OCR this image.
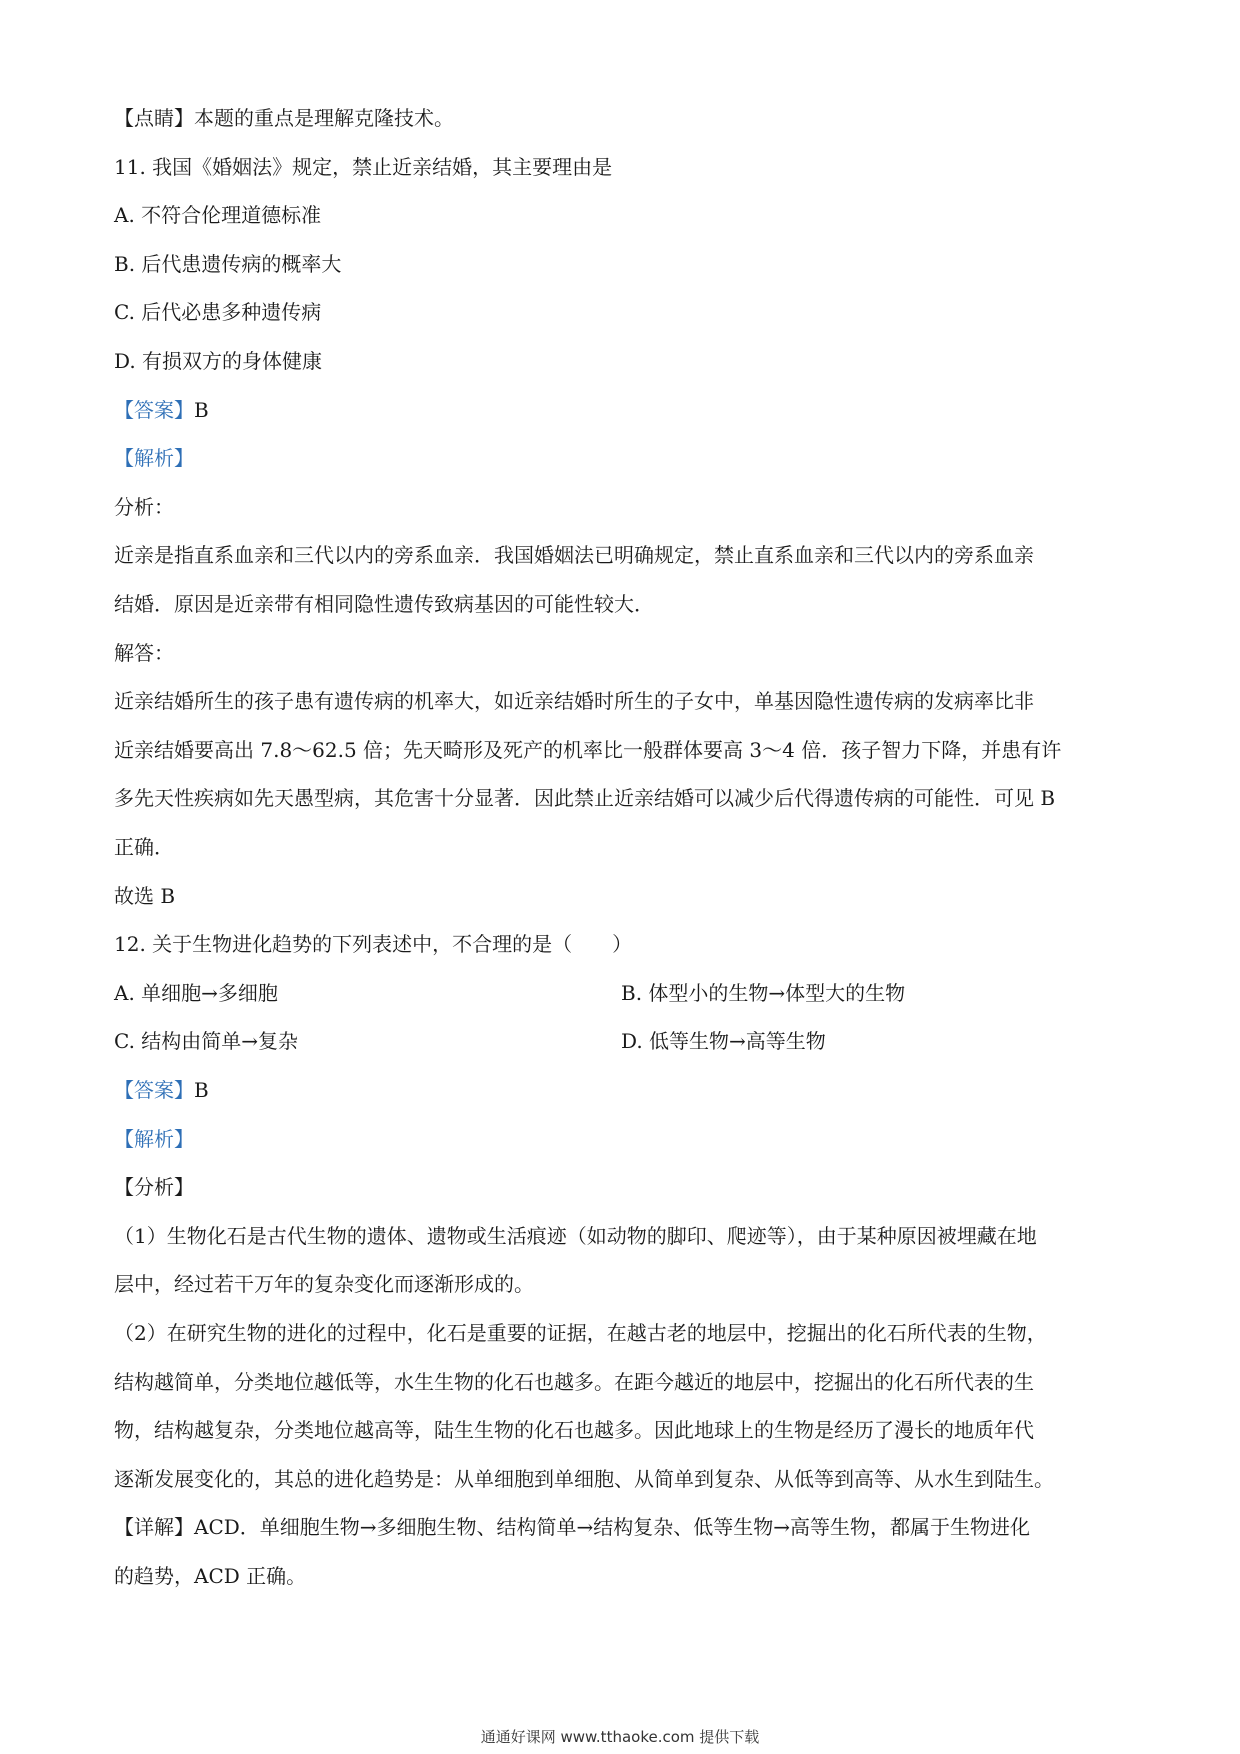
【点睛】本题的重点是理解克隆技术。
11. 我国《婚姻法》规定，禁止近亲结婚，其主要理由是
A. 不符合伦理道德标准
B. 后代患遗传病的概率大
C. 后代必患多种遗传病
D. 有损双方的身体健康
【答案】B
【解析】
分析：
近亲是指直系血亲和三代以内的旁系血亲．我国婚姻法已明确规定，禁止直系血亲和三代以内的旁系血亲
结婚．原因是近亲带有相同隐性遗传致病基因的可能性较大．
解答：
近亲结婚所生的孩子患有遗传病的机率大，如近亲结婚时所生的子女中，单基因隐性遗传病的发病率比非
近亲结婚要高出 7.8～62.5 倍；先天畸形及死产的机率比一般群体要高 3～4 倍．孩子智力下降，并患有许
多先天性疾病如先天愚型病，其危害十分显著．因此禁止近亲结婚可以减少后代得遗传病的可能性．可见 B
正确．
故选 B
12. 关于生物进化趋势的下列表述中，不合理的是（　　）
A. 单细胞→多细胞	B. 体型小的生物→体型大的生物
C. 结构由简单→复杂	D. 低等生物→高等生物
【答案】B
【解析】
【分析】
（1）生物化石是古代生物的遗体、遗物或生活痕迹（如动物的脚印、爬迹等），由于某种原因被埋藏在地
层中，经过若干万年的复杂变化而逐渐形成的。
（2）在研究生物的进化的过程中，化石是重要的证据，在越古老的地层中，挖掘出的化石所代表的生物，
结构越简单，分类地位越低等，水生生物的化石也越多。在距今越近的地层中，挖掘出的化石所代表的生
物，结构越复杂，分类地位越高等，陆生生物的化石也越多。因此地球上的生物是经历了漫长的地质年代
逐渐发展变化的，其总的进化趋势是：从单细胞到单细胞、从简单到复杂、从低等到高等、从水生到陆生。
【详解】ACD．单细胞生物→多细胞生物、结构简单→结构复杂、低等生物→高等生物，都属于生物进化
的趋势，ACD 正确。
通通好课网 www.tthaoke.com 提供下载
